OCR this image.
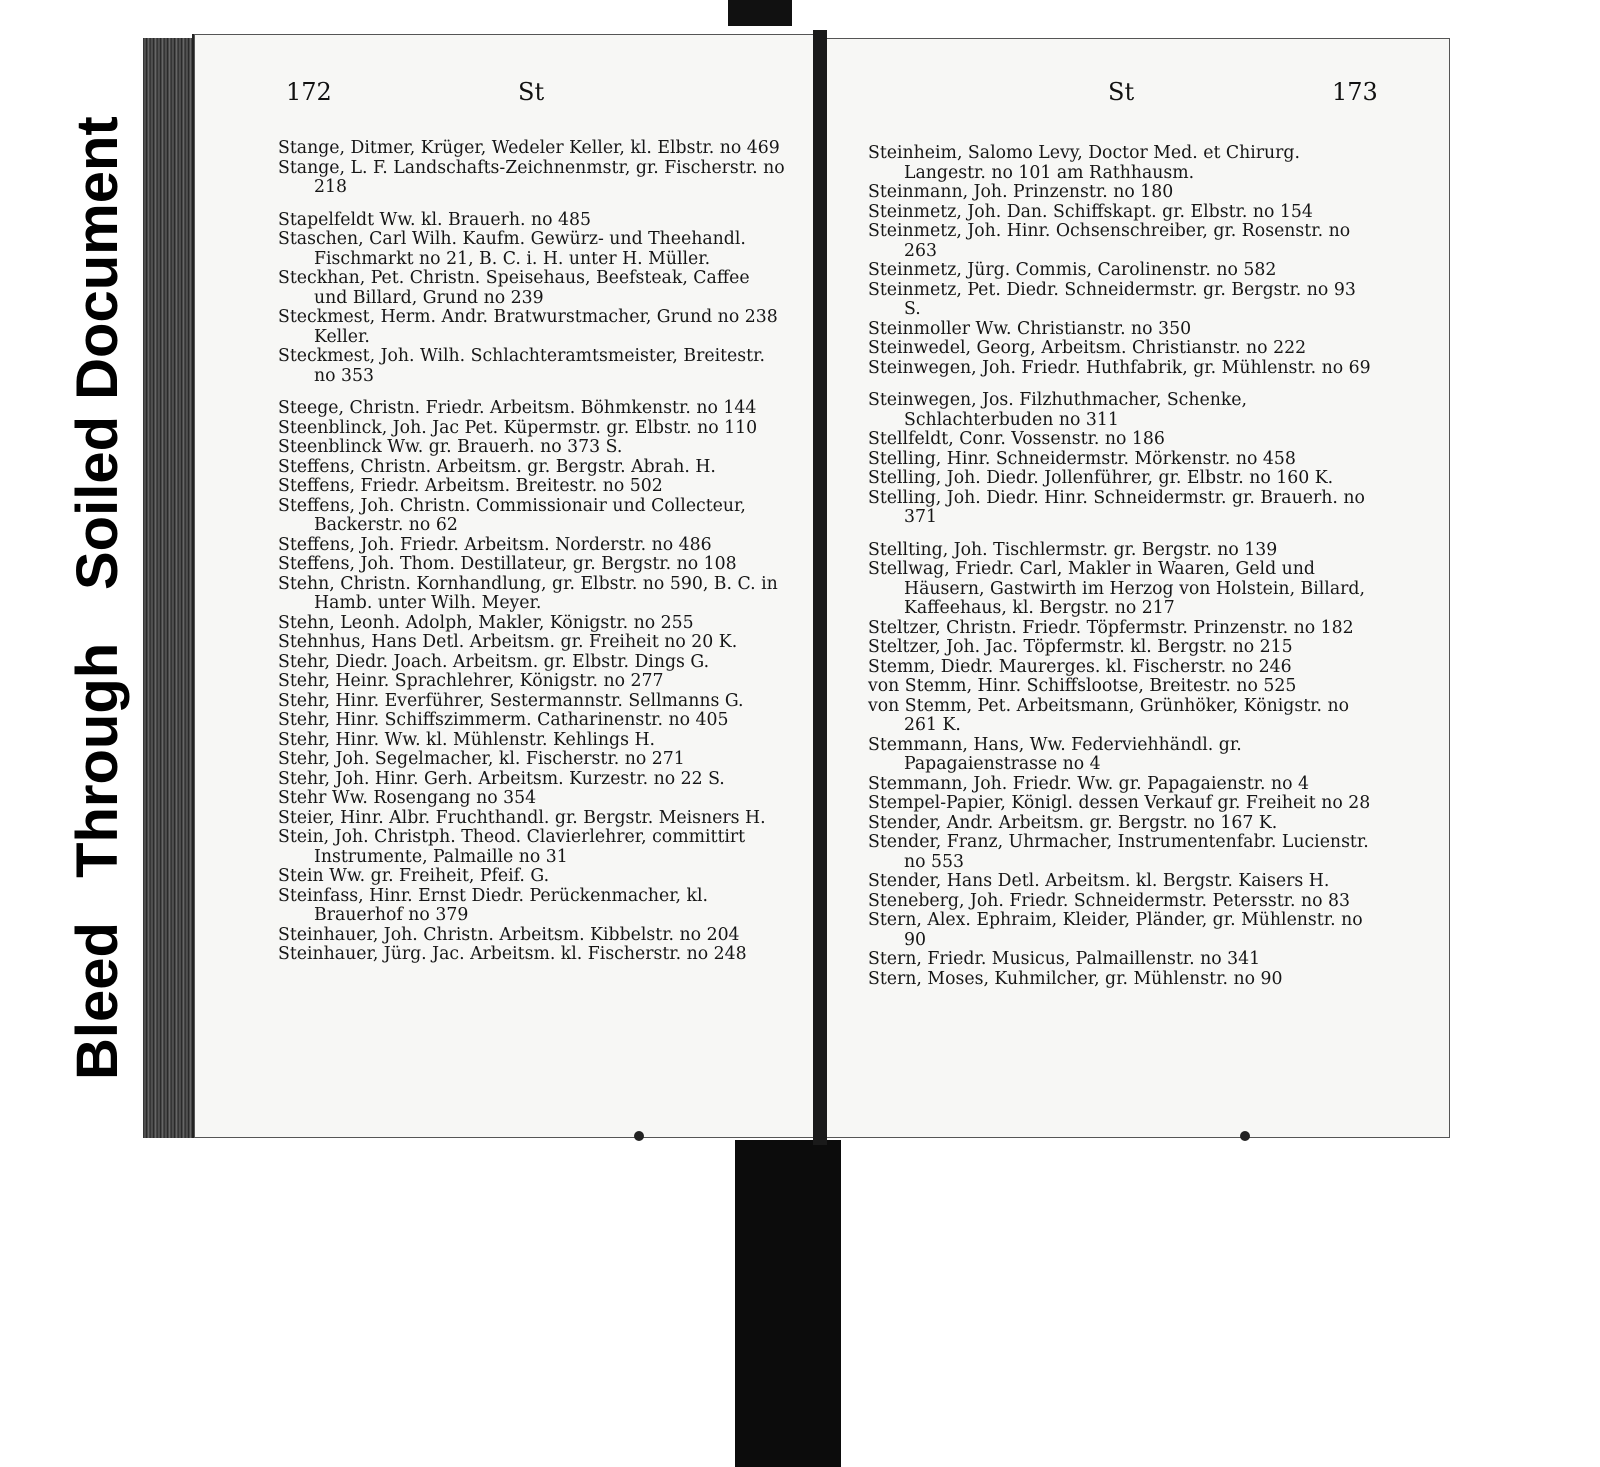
Bleed Through
Soiled Document
172	St	St	173

Stange, Ditmer, Krüger, Wedeler Keller, kl. Elbstr. no 469

Stange, L. F. Landschafts-Zeichnenmstr, gr. Fischerstr. no 218

Stapelfeldt Ww. kl. Brauerh. no 485

Staschen, Carl Wilh. Kaufm. Gewürz- und Theehandl. Fischmarkt no 21, B. C. i. H. unter H. Müller.

Steckhan, Pet. Christn. Speisehaus, Beefsteak, Caffee und Billard, Grund no 239

Steckmest, Herm. Andr. Bratwurstmacher, Grund no 238 Keller.

Steckmest, Joh. Wilh. Schlachteramtsmeister, Breitestr. no 353

Steege, Christn. Friedr. Arbeitsm. Böhmkenstr. no 144

Steenblinck, Joh. Jac Pet. Küpermstr. gr. Elbstr. no 110

Steenblinck Ww. gr. Brauerh. no 373 S.

Steffens, Christn. Arbeitsm. gr. Bergstr. Abrah. H.

Steffens, Friedr. Arbeitsm. Breitestr. no 502

Steffens, Joh. Christn. Commissionair und Collecteur, Backerstr. no 62

Steffens, Joh. Friedr. Arbeitsm. Norderstr. no 486

Steffens, Joh. Thom. Destillateur, gr. Bergstr. no 108

Stehn, Christn. Kornhandlung, gr. Elbstr. no 590, B. C. in Hamb. unter Wilh. Meyer.

Stehn, Leonh. Adolph, Makler, Königstr. no 255

Stehnhus, Hans Detl. Arbeitsm. gr. Freiheit no 20 K.

Stehr, Diedr. Joach. Arbeitsm. gr. Elbstr. Dings G.

Stehr, Heinr. Sprachlehrer, Königstr. no 277

Stehr, Hinr. Everführer, Sestermannstr. Sellmanns G.

Stehr, Hinr. Schiffszimmerm. Catharinenstr. no 405

Stehr, Hinr. Ww. kl. Mühlenstr. Kehlings H.

Stehr, Joh. Segelmacher, kl. Fischerstr. no 271

Stehr, Joh. Hinr. Gerh. Arbeitsm. Kurzestr. no 22 S.

Stehr Ww. Rosengang no 354

Steier, Hinr. Albr. Fruchthandl. gr. Bergstr. Meisners H.

Stein, Joh. Christph. Theod. Clavierlehrer, committirt Instrumente, Palmaille no 31

Stein Ww. gr. Freiheit, Pfeif. G.

Steinfass, Hinr. Ernst Diedr. Perückenmacher, kl. Brauerhof no 379

Steinhauer, Joh. Christn. Arbeitsm. Kibbelstr. no 204

Steinhauer, Jürg. Jac. Arbeitsm. kl. Fischerstr. no 248

Steinheim, Salomo Levy, Doctor Med. et Chirurg. Langestr. no 101 am Rathhausm.

Steinmann, Joh. Prinzenstr. no 180

Steinmetz, Joh. Dan. Schiffskapt. gr. Elbstr. no 154

Steinmetz, Joh. Hinr. Ochsenschreiber, gr. Rosenstr. no 263

Steinmetz, Jürg. Commis, Carolinenstr. no 582

Steinmetz, Pet. Diedr. Schneidermstr. gr. Bergstr. no 93 S.

Steinmoller Ww. Christianstr. no 350

Steinwedel, Georg, Arbeitsm. Christianstr. no 222

Steinwegen, Joh. Friedr. Huthfabrik, gr. Mühlenstr. no 69

Steinwegen, Jos. Filzhuthmacher, Schenke, Schlachterbuden no 311

Stellfeldt, Conr. Vossenstr. no 186

Stelling, Hinr. Schneidermstr. Mörkenstr. no 458

Stelling, Joh. Diedr. Jollenführer, gr. Elbstr. no 160 K.

Stelling, Joh. Diedr. Hinr. Schneidermstr. gr. Brauerh. no 371

Stellting, Joh. Tischlermstr. gr. Bergstr. no 139

Stellwag, Friedr. Carl, Makler in Waaren, Geld und Häusern, Gastwirth im Herzog von Holstein, Billard, Kaffeehaus, kl. Bergstr. no 217

Steltzer, Christn. Friedr. Töpfermstr. Prinzenstr. no 182

Steltzer, Joh. Jac. Töpfermstr. kl. Bergstr. no 215

Stemm, Diedr. Maurerges. kl. Fischerstr. no 246

von Stemm, Hinr. Schiffslootse, Breitestr. no 525

von Stemm, Pet. Arbeitsmann, Grünhöker, Königstr. no 261 K.

Stemmann, Hans, Ww. Federviehhändl. gr. Papagaienstrasse no 4

Stemmann, Joh. Friedr. Ww. gr. Papagaienstr. no 4

Stempel-Papier, Königl. dessen Verkauf gr. Freiheit no 28

Stender, Andr. Arbeitsm. gr. Bergstr. no 167 K.

Stender, Franz, Uhrmacher, Instrumentenfabr. Lucienstr. no 553

Stender, Hans Detl. Arbeitsm. kl. Bergstr. Kaisers H.

Steneberg, Joh. Friedr. Schneidermstr. Petersstr. no 83

Stern, Alex. Ephraim, Kleider, Pländer, gr. Mühlenstr. no 90

Stern, Friedr. Musicus, Palmaillenstr. no 341

Stern, Moses, Kuhmilcher, gr. Mühlenstr. no 90
